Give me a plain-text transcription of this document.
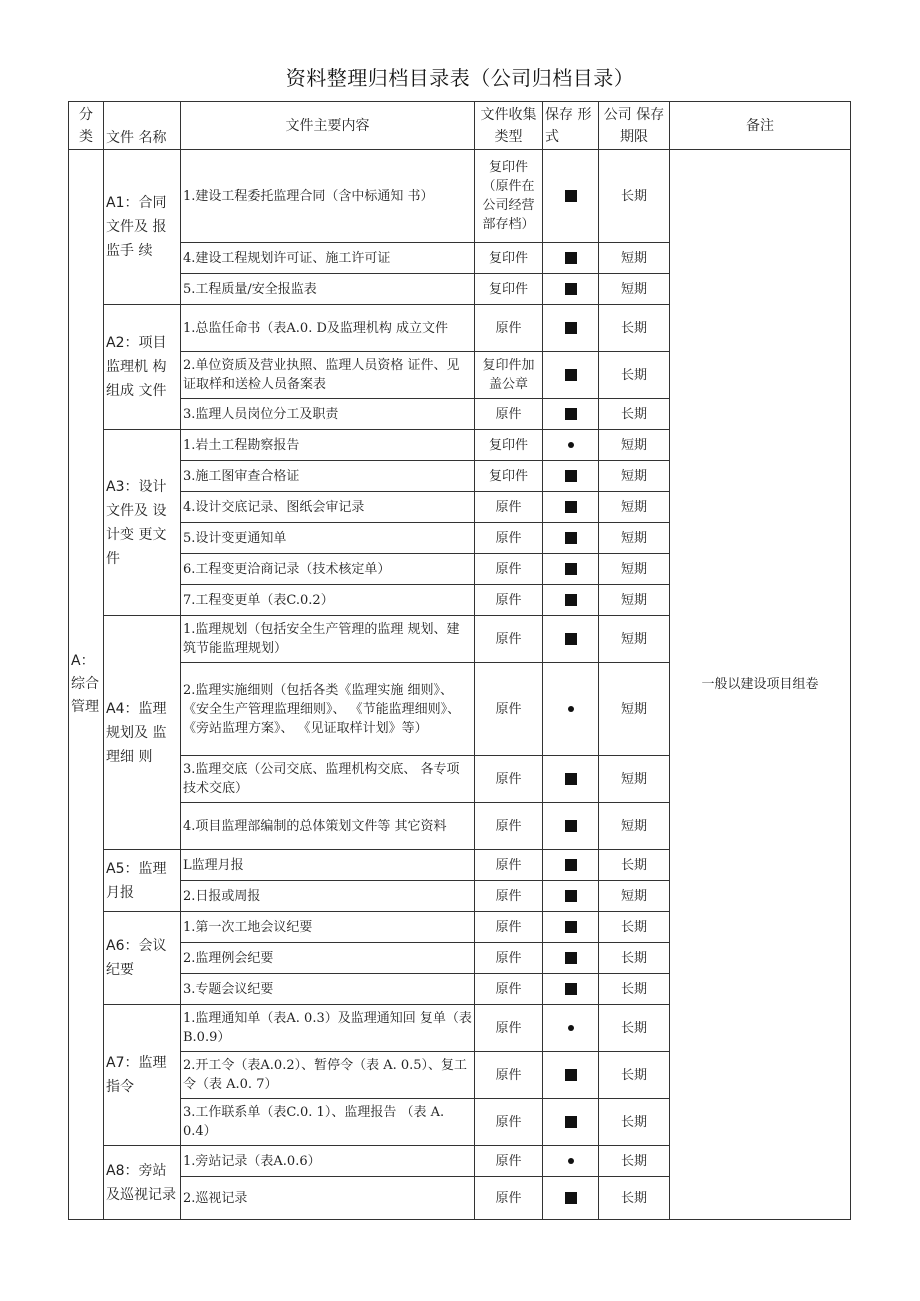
资料整理归档目录表（公司归档目录）
分 类	文件 名称	文件主要内容	文件收集类型	保存 形式	公司 保存期限	备注
A：综合管理	A1：合同文件及 报监手 续	1.建设工程委托监理合同（含中标通知 书）	复印件（原件在公司经营部存档）		长期	一般以建设项目组卷
		4.建设工程规划许可证、施工许可证	复印件		短期	
		5.工程质量/安全报监表	复印件		短期	
	A2：项目监理机 构组成 文件	1.总监任命书（表A.0. D及监理机构 成立文件	原件		长期	
		2.单位资质及营业执照、监理人员资格 证件、见证取样和送检人员备案表	复印件加盖公章		长期	
		3.监理人员岗位分工及职责	原件		长期	
	A3：设计文件及 设计变 更文件	1.岩土工程勘察报告	复印件		短期	
		3.施工图审查合格证	复印件		短期	
		4.设计交底记录、图纸会审记录	原件		短期	
		5.设计变更通知单	原件		短期	
		6.工程变更洽商记录（技术核定单）	原件		短期	
		7.工程变更单（表C.0.2）	原件		短期	
	A4：监理规划及 监理细 则	1.监理规划（包括安全生产管理的监理 规划、建筑节能监理规划）	原件		短期	
		2.监理实施细则（包括各类《监理实施 细则》、《安全生产管理监理细则》、 《节能监理细则》、《旁站监理方案》、 《见证取样计划》等）	原件		短期	
		3.监理交底（公司交底、监理机构交底、 各专项技术交底）	原件		短期	
		4.项目监理部编制的总体策划文件等 其它资料	原件		短期	
	A5：监理月报	L监理月报	原件		长期	
		2.日报或周报	原件		短期	
	A6：会议纪要	1.第一次工地会议纪要	原件		长期	
		2.监理例会纪要	原件		长期	
		3.专题会议纪要	原件		长期	
	A7：监理指令	1.监理通知单（表A. 0.3）及监理通知回 复单（表B.0.9）	原件		长期	
		2.开工令（表A.0.2）、暂停令（表 A. 0.5）、复工令（表 A.0. 7）	原件		长期	
		3.工作联系单（表C.0. 1）、监理报告 （表 A. 0.4）	原件		长期	
	A8：旁站及巡视记录	1.旁站记录（表A.0.6）	原件		长期	
		2.巡视记录	原件		长期	
